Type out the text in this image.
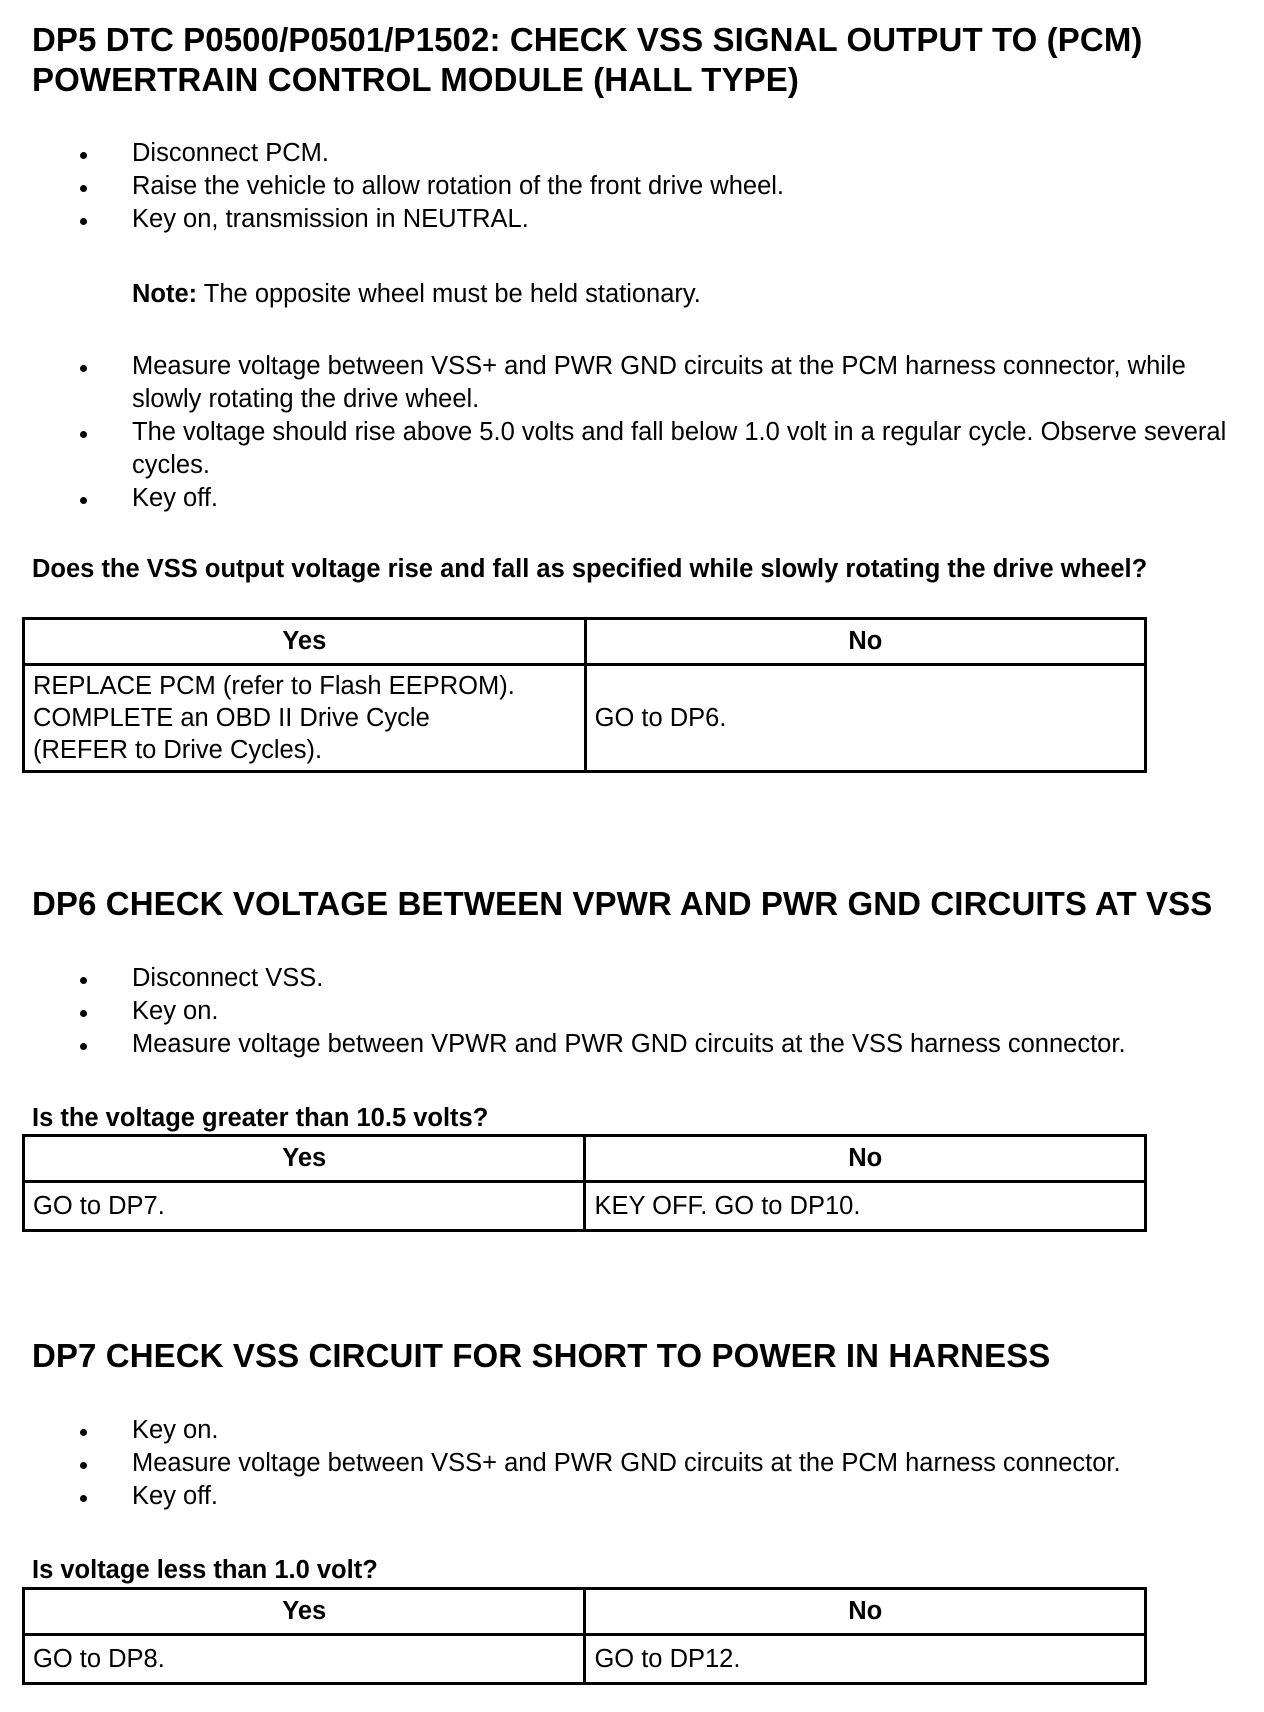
DP5 DTC P0500/P0501/P1502: CHECK VSS SIGNAL OUTPUT TO (PCM)
POWERTRAIN CONTROL MODULE (HALL TYPE)
Disconnect PCM.
Raise the vehicle to allow rotation of the front drive wheel.
Key on, transmission in NEUTRAL.
Note: The opposite wheel must be held stationary.
Measure voltage between VSS+ and PWR GND circuits at the PCM harness connector, while slowly rotating the drive wheel.
The voltage should rise above 5.0 volts and fall below 1.0 volt in a regular cycle. Observe several cycles.
Key off.
Does the VSS output voltage rise and fall as specified while slowly rotating the drive wheel?
Yes	No
REPLACE PCM (refer to Flash EEPROM).
COMPLETE an OBD II Drive Cycle
(REFER to Drive Cycles).	GO to DP6.
DP6 CHECK VOLTAGE BETWEEN VPWR AND PWR GND CIRCUITS AT VSS
Disconnect VSS.
Key on.
Measure voltage between VPWR and PWR GND circuits at the VSS harness connector.
Is the voltage greater than 10.5 volts?
Yes	No
GO to DP7.	KEY OFF. GO to DP10.
DP7 CHECK VSS CIRCUIT FOR SHORT TO POWER IN HARNESS
Key on.
Measure voltage between VSS+ and PWR GND circuits at the PCM harness connector.
Key off.
Is voltage less than 1.0 volt?
Yes	No
GO to DP8.	GO to DP12.
